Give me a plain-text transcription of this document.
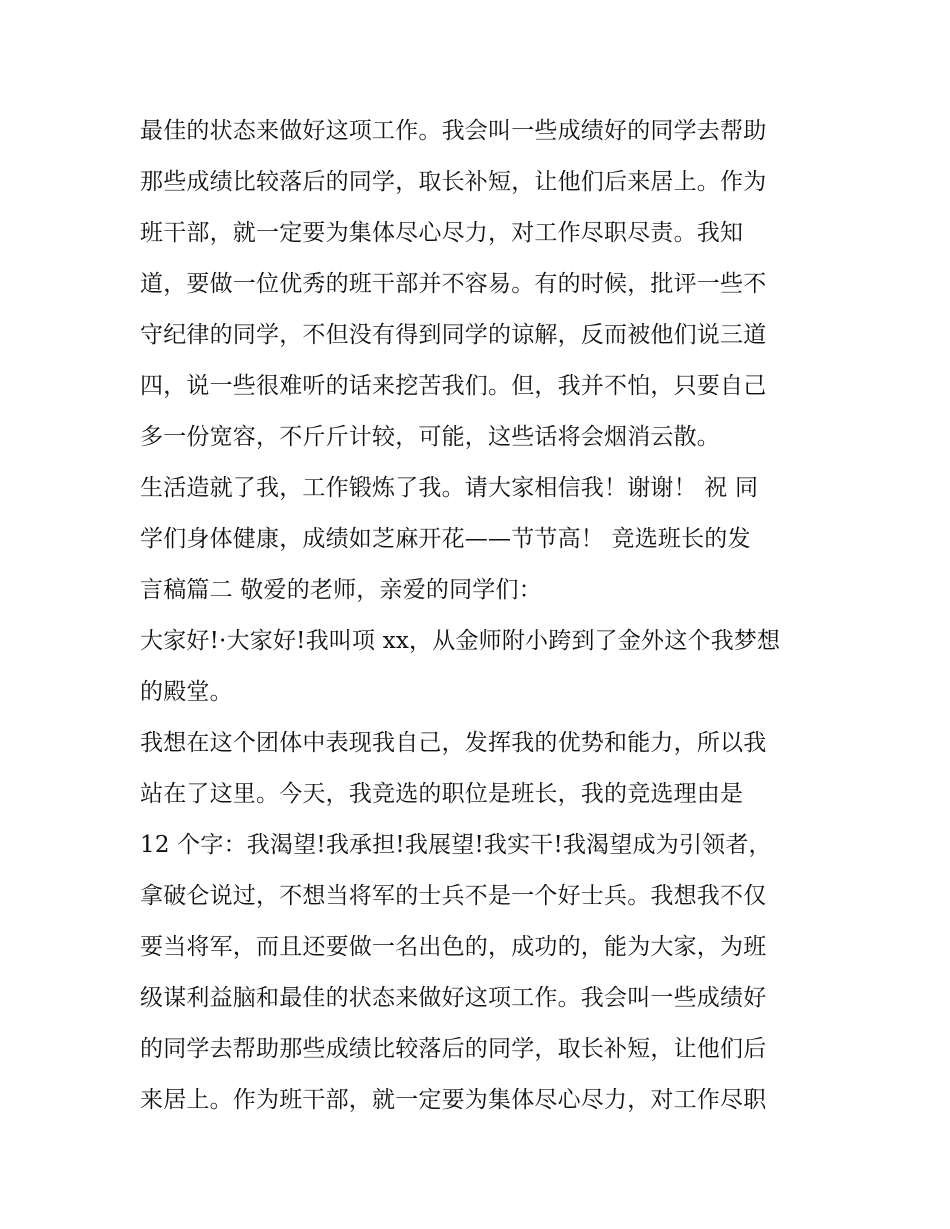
最佳的状态来做好这项工作。我会叫一些成绩好的同学去帮助
那些成绩比较落后的同学，取长补短，让他们后来居上。作为
班干部，就一定要为集体尽心尽力，对工作尽职尽责。我知
道，要做一位优秀的班干部并不容易。有的时候，批评一些不
守纪律的同学，不但没有得到同学的谅解，反而被他们说三道
四，说一些很难听的话来挖苦我们。但，我并不怕，只要自己
多一份宽容，不斤斤计较，可能，这些话将会烟消云散。
生活造就了我，工作锻炼了我。请大家相信我！谢谢！ 祝 同
学们身体健康，成绩如芝麻开花——节节高！ 竞选班长的发
言稿篇二 敬爱的老师，亲爱的同学们：
大家好!·大家好!我叫项 xx，从金师附小跨到了金外这个我梦想
的殿堂。
我想在这个团体中表现我自己，发挥我的优势和能力，所以我
站在了这里。今天，我竞选的职位是班长，我的竞选理由是
12 个字：我渴望!我承担!我展望!我实干!我渴望成为引领者，
拿破仑说过，不想当将军的士兵不是一个好士兵。我想我不仅
要当将军，而且还要做一名出色的，成功的，能为大家，为班
级谋利益脑和最佳的状态来做好这项工作。我会叫一些成绩好
的同学去帮助那些成绩比较落后的同学，取长补短，让他们后
来居上。作为班干部，就一定要为集体尽心尽力，对工作尽职
